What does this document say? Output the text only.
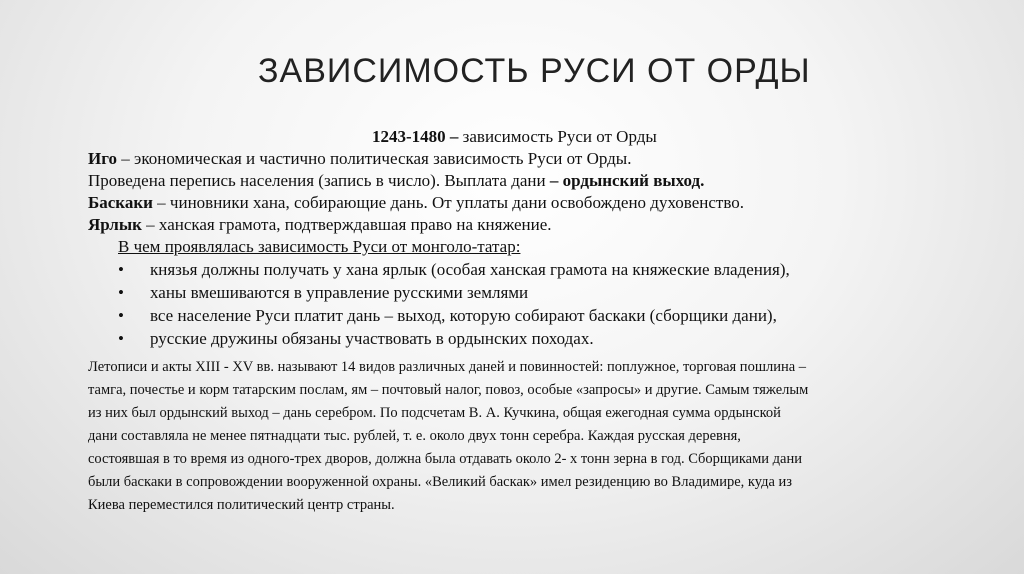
ЗАВИСИМОСТЬ РУСИ ОТ ОРДЫ
1243-1480 – зависимость Руси от Орды
Иго – экономическая и частично политическая зависимость Руси от Орды.
Проведена перепись населения (запись в число). Выплата дани – ордынский выход.
Баскаки – чиновники хана, собирающие дань. От уплаты дани освобождено духовенство.
Ярлык – ханская грамота, подтверждавшая право на княжение.
В чем проявлялась зависимость Руси от монголо-татар:
•	князья должны получать у хана ярлык (особая ханская грамота на княжеские владения),
•	ханы вмешиваются в управление русскими землями
•	все население Руси платит дань – выход, которую собирают баскаки (сборщики дани),
•	русские дружины обязаны участвовать в ордынских походах.
Летописи и акты XIII - XV вв. называют 14 видов различных даней и повинностей: поплужное, торговая пошлина –
тамга, почестье и корм татарским послам, ям – почтовый налог, повоз, особые «запросы» и другие. Самым тяжелым
из них был ордынский выход – дань серебром. По подсчетам В. А. Кучкина, общая ежегодная сумма ордынской
дани составляла не менее пятнадцати тыс. рублей, т. е. около двух тонн серебра. Каждая русская деревня,
состоявшая в то время из одного-трех дворов, должна была отдавать около 2- х тонн зерна в год. Сборщиками дани
были баскаки в сопровождении вооруженной охраны. «Великий баскак» имел резиденцию во Владимире, куда из
Киева переместился политический центр страны.
